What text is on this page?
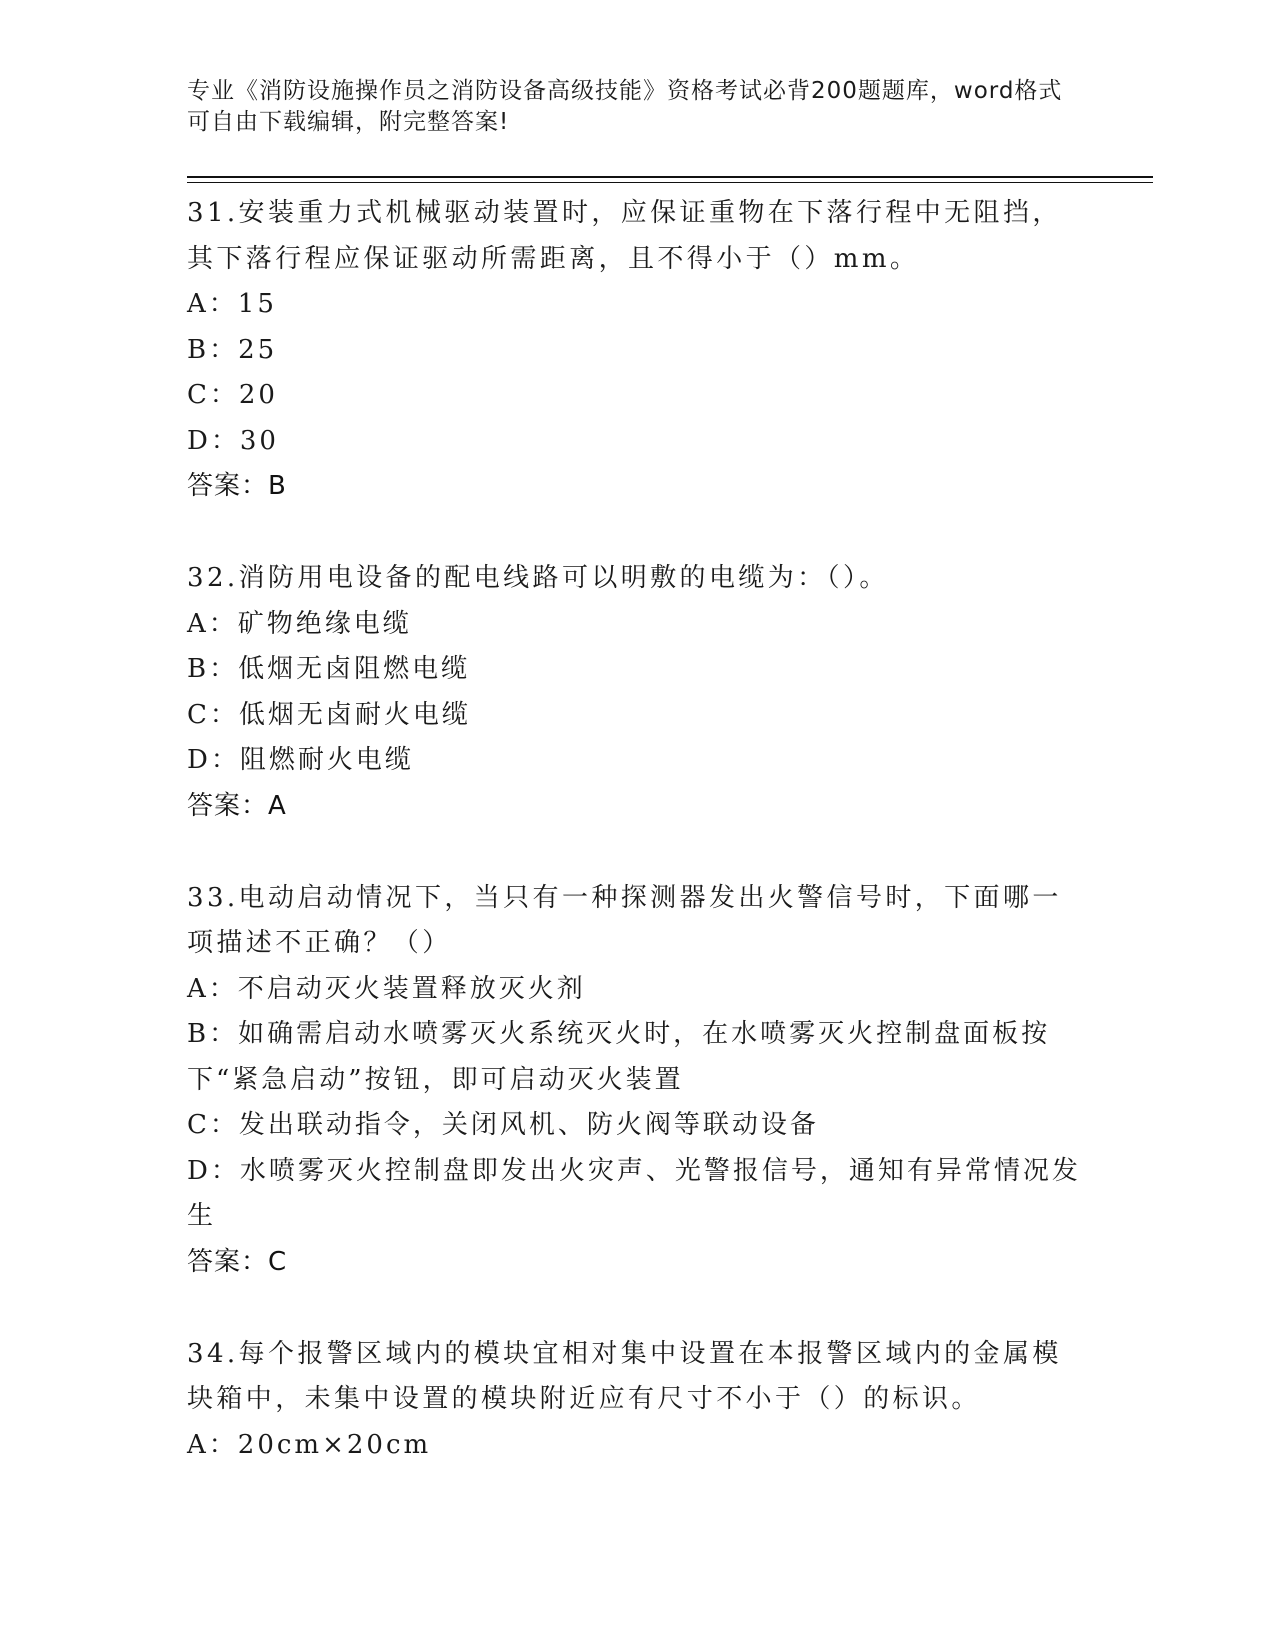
专业《消防设施操作员之消防设备高级技能》资格考试必背200题题库，word格式可自由下载编辑，附完整答案!
31.安装重力式机械驱动装置时，应保证重物在下落行程中无阻挡，其下落行程应保证驱动所需距离，且不得小于（）mm。
A：15
B：25
C：20
D：30
答案：B
32.消防用电设备的配电线路可以明敷的电缆为：（）。
A：矿物绝缘电缆
B：低烟无卤阻燃电缆
C：低烟无卤耐火电缆
D：阻燃耐火电缆
答案：A
33.电动启动情况下，当只有一种探测器发出火警信号时，下面哪一项描述不正确？（）
A：不启动灭火装置释放灭火剂
B：如确需启动水喷雾灭火系统灭火时，在水喷雾灭火控制盘面板按下“紧急启动”按钮，即可启动灭火装置
C：发出联动指令，关闭风机、防火阀等联动设备
D：水喷雾灭火控制盘即发出火灾声、光警报信号，通知有异常情况发生
答案：C
34.每个报警区域内的模块宜相对集中设置在本报警区域内的金属模块箱中，未集中设置的模块附近应有尺寸不小于（）的标识。
A：20cm×20cm
